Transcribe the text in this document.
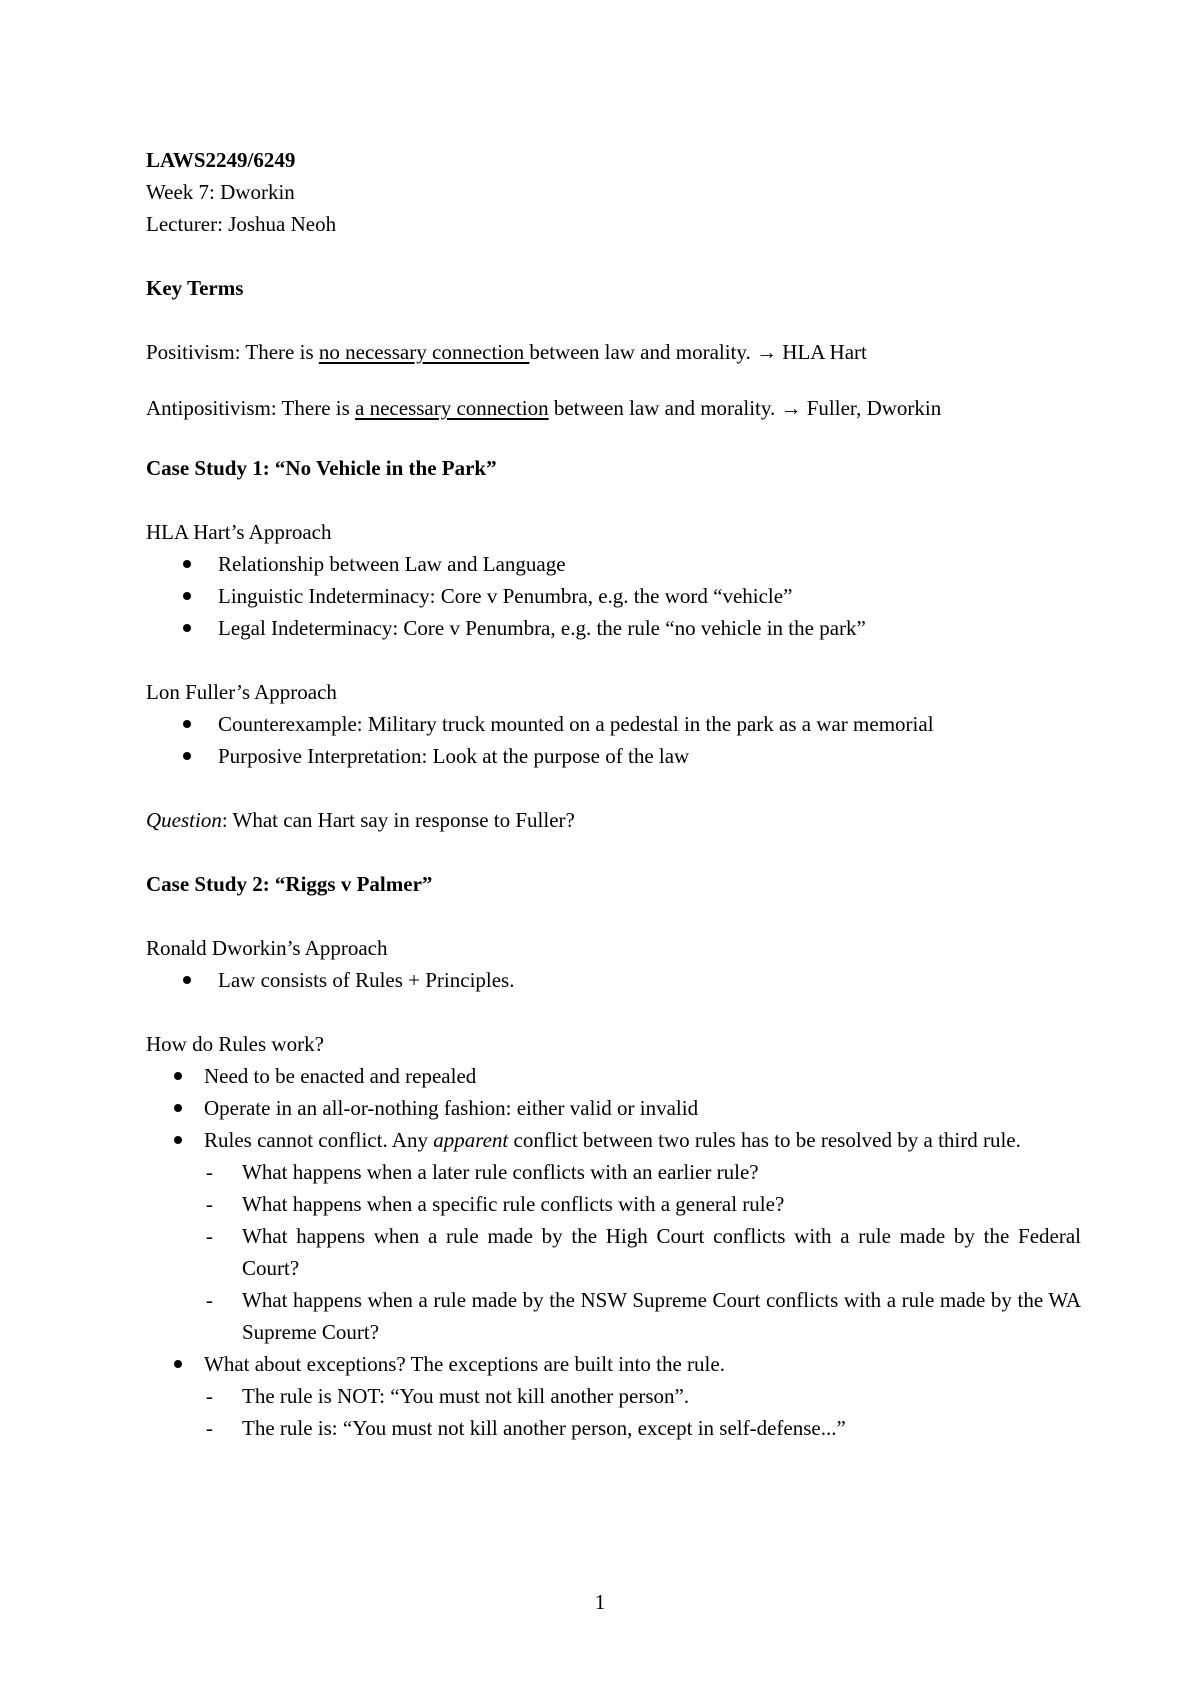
LAWS2249/6249

Week 7: Dworkin

Lecturer: Joshua Neoh

Key Terms

Positivism: There is no necessary connection between law and morality. → HLA Hart

Antipositivism: There is a necessary connection between law and morality. → Fuller, Dworkin

Case Study 1: “No Vehicle in the Park”

HLA Hart’s Approach

Relationship between Law and Language
Linguistic Indeterminacy: Core v Penumbra, e.g. the word “vehicle”
Legal Indeterminacy: Core v Penumbra, e.g. the rule “no vehicle in the park”

Lon Fuller’s Approach

Counterexample: Military truck mounted on a pedestal in the park as a war memorial
Purposive Interpretation: Look at the purpose of the law

Question: What can Hart say in response to Fuller?

Case Study 2: “Riggs v Palmer”

Ronald Dworkin’s Approach

Law consists of Rules + Principles.

How do Rules work?

Need to be enacted and repealed
Operate in an all-or-nothing fashion: either valid or invalid
Rules cannot conflict. Any apparent conflict between two rules has to be resolved by a third rule.
- What happens when a later rule conflicts with an earlier rule?
- What happens when a specific rule conflicts with a general rule?
- What happens when a rule made by the High Court conflicts with a rule made by the Federal Court?
- What happens when a rule made by the NSW Supreme Court conflicts with a rule made by the WA Supreme Court?
What about exceptions? The exceptions are built into the rule.
- The rule is NOT: “You must not kill another person”.
- The rule is: “You must not kill another person, except in self-defense...”
1
